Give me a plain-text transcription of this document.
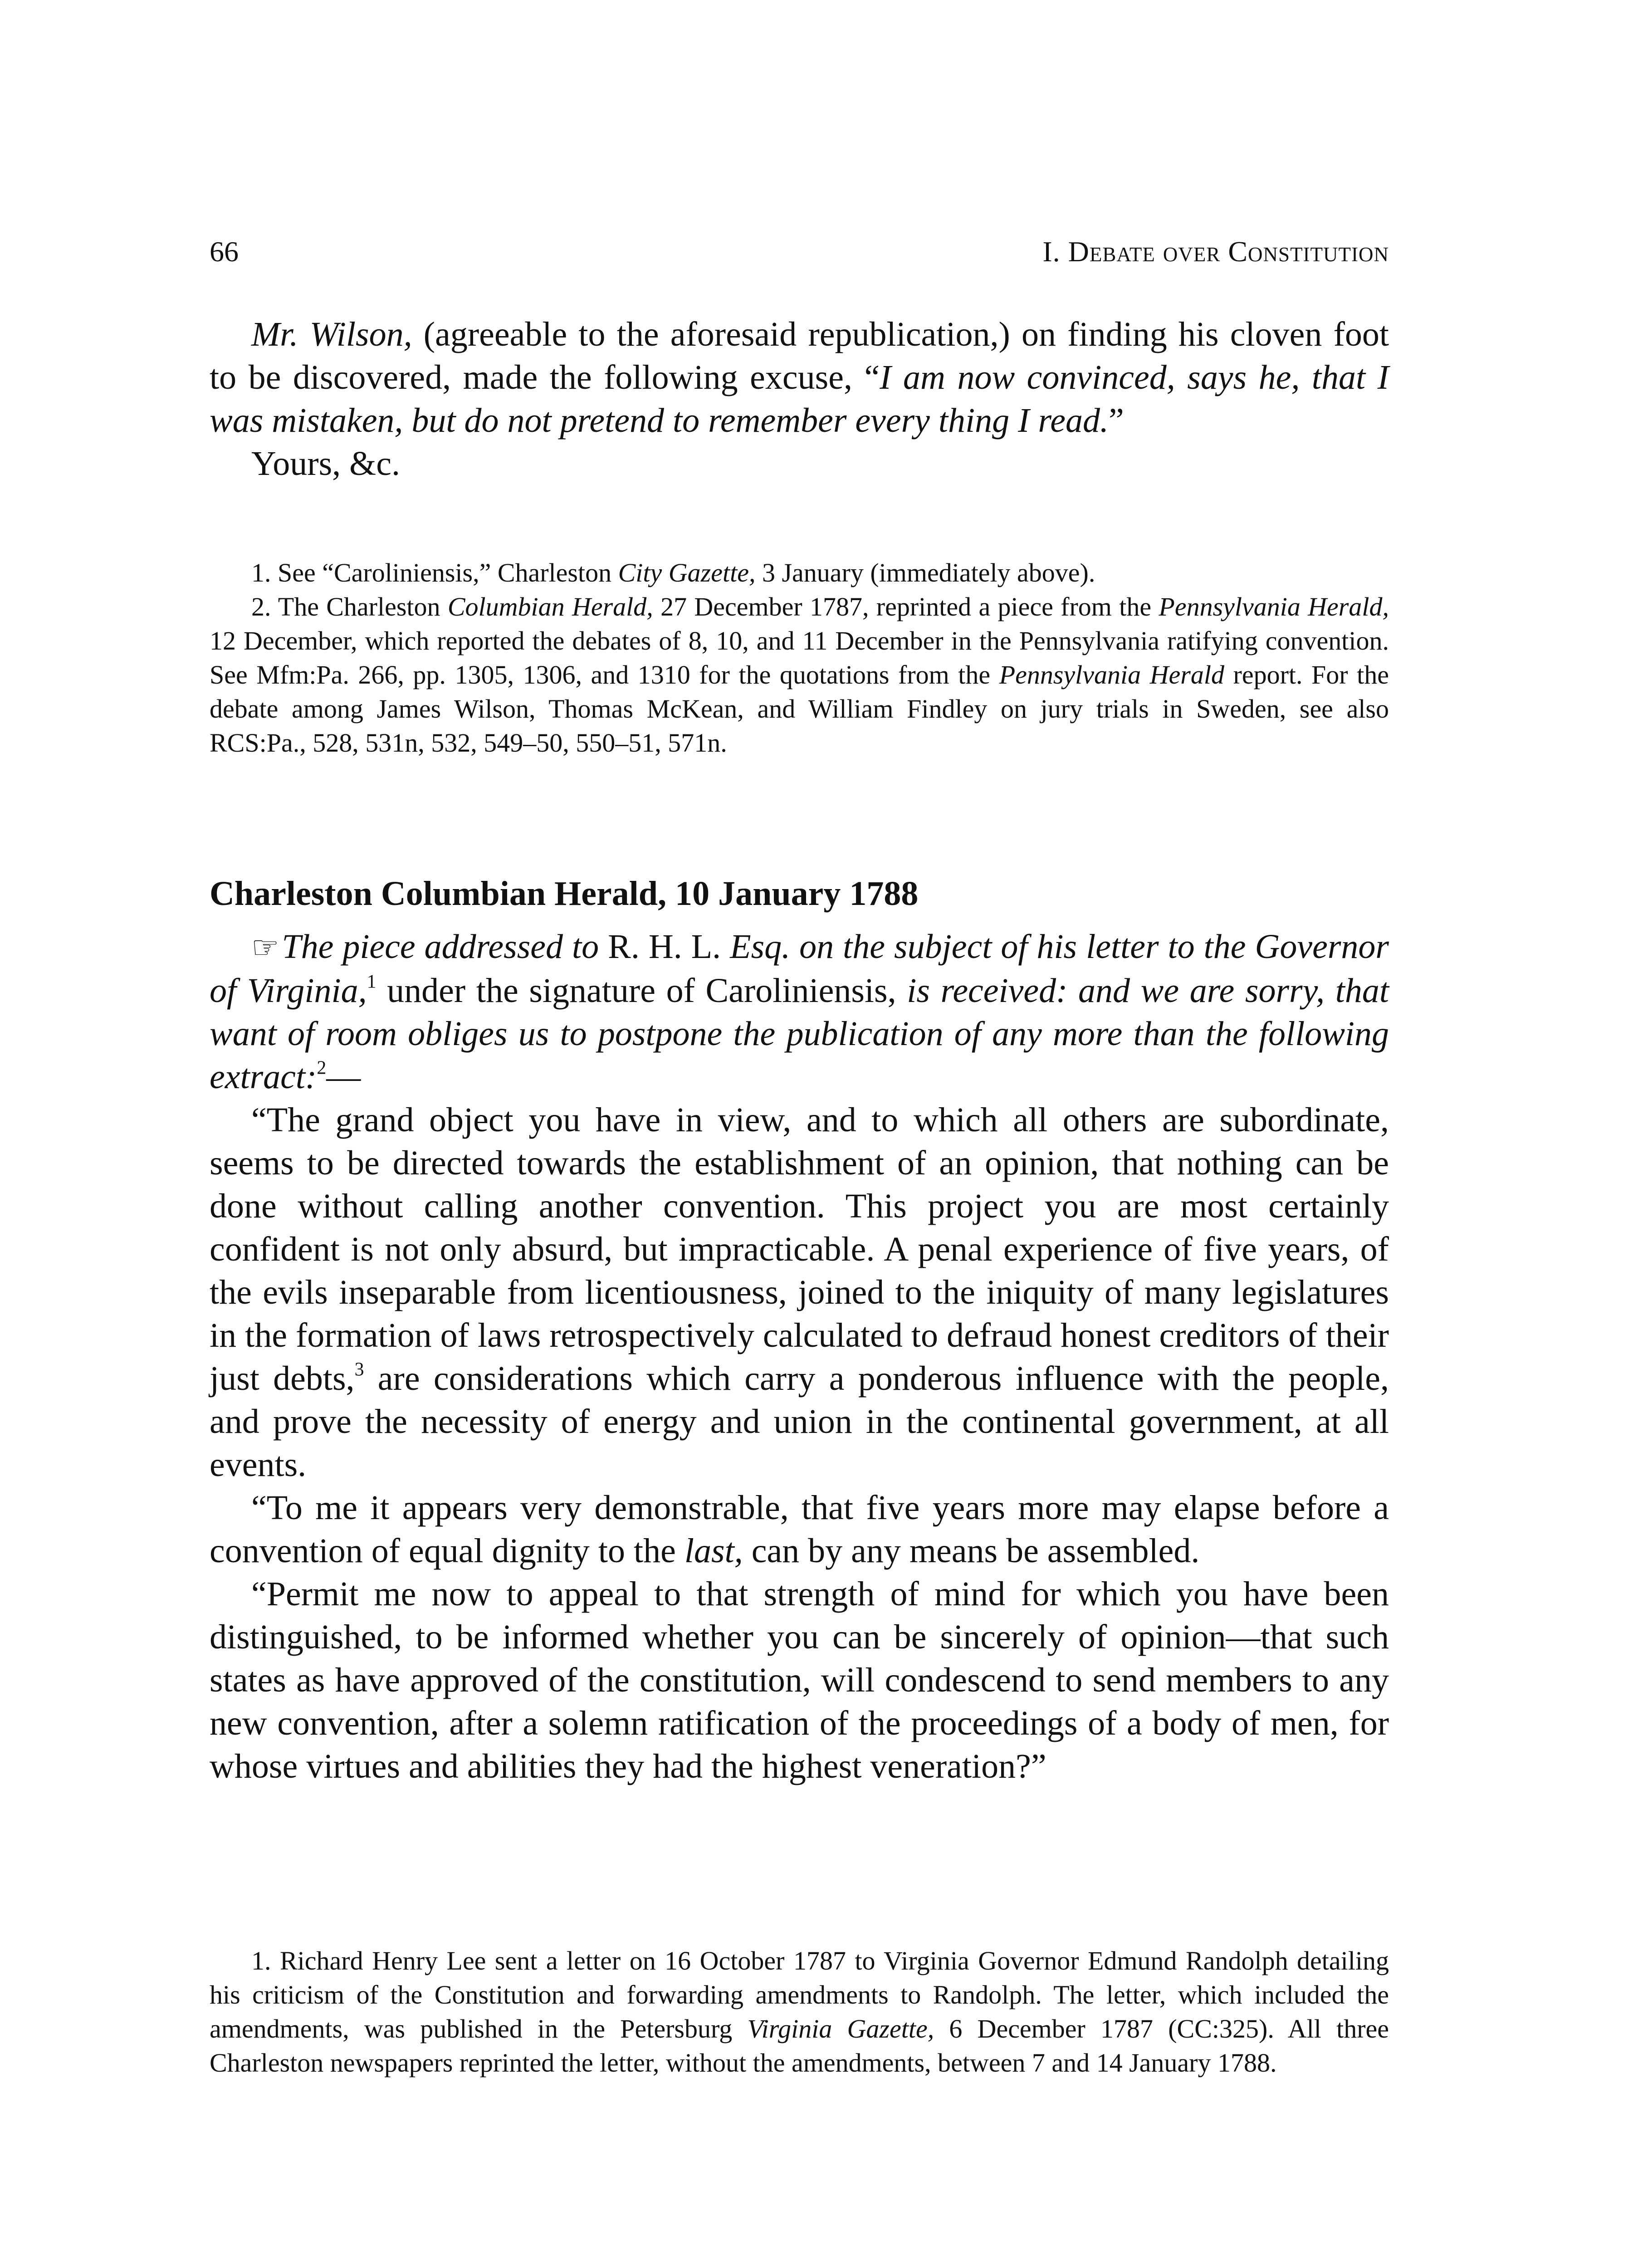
66	I. Debate over Constitution

Mr. Wilson, (agreeable to the aforesaid republication,) on finding his cloven foot to be discovered, made the following excuse, “I am now convinced, says he, that I was mistaken, but do not pretend to remember every thing I read.”

Yours, &c.

1. See “Caroliniensis,” Charleston City Gazette, 3 January (immediately above).

2. The Charleston Columbian Herald, 27 December 1787, reprinted a piece from the Pennsylvania Herald, 12 December, which reported the debates of 8, 10, and 11 December in the Pennsylvania ratifying convention. See Mfm:Pa. 266, pp. 1305, 1306, and 1310 for the quotations from the Pennsylvania Herald report. For the debate among James Wilson, Thomas McKean, and William Findley on jury trials in Sweden, see also RCS:Pa., 528, 531n, 532, 549–50, 550–51, 571n.

Charleston Columbian Herald, 10 January 1788

☞The piece addressed to R. H. L. Esq. on the subject of his letter to the Governor of Virginia,$^1$ under the signature of Caroliniensis, is received: and we are sorry, that want of room obliges us to postpone the publication of any more than the following extract:$^2$—

“The grand object you have in view, and to which all others are subordinate, seems to be directed towards the establishment of an opinion, that nothing can be done without calling another convention. This project you are most certainly confident is not only absurd, but impracticable. A penal experience of five years, of the evils inseparable from licentiousness, joined to the iniquity of many legislatures in the formation of laws retrospectively calculated to defraud honest creditors of their just debts,$^3$ are considerations which carry a ponderous influence with the people, and prove the necessity of energy and union in the continental government, at all events.

“To me it appears very demonstrable, that five years more may elapse before a convention of equal dignity to the last, can by any means be assembled.

“Permit me now to appeal to that strength of mind for which you have been distinguished, to be informed whether you can be sincerely of opinion—that such states as have approved of the constitution, will condescend to send members to any new convention, after a solemn ratification of the proceedings of a body of men, for whose virtues and abilities they had the highest veneration?”

1. Richard Henry Lee sent a letter on 16 October 1787 to Virginia Governor Edmund Randolph detailing his criticism of the Constitution and forwarding amendments to Randolph. The letter, which included the amendments, was published in the Petersburg Virginia Gazette, 6 December 1787 (CC:325). All three Charleston newspapers reprinted the letter, without the amendments, between 7 and 14 January 1788.
